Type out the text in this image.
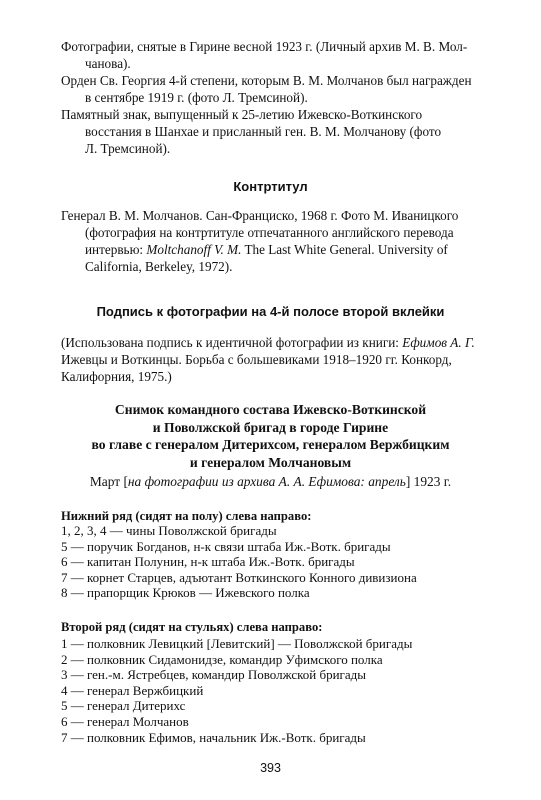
Фотографии, снятые в Гирине весной 1923 г. (Личный архив М. В. Мол-
чанова).
Орден Св. Георгия 4-й степени, которым В. М. Молчанов был награжден
в сентябре 1919 г. (фото Л. Тремсиной).
Памятный знак, выпущенный к 25-летию Ижевско-Воткинского
восстания в Шанхае и присланный ген. В. М. Молчанову (фото
Л. Тремсиной).
Контртитул
Генерал В. М. Молчанов. Сан-Франциско, 1968 г. Фото М. Ивaницкого
(фотография на контртитуле отпечатанного английского перевода
интервью: Moltchanoff V. M. The Last White General. University of
California, Berkeley, 1972).
Подпись к фотографии на 4-й полосе второй вклейки
(Использована подпись к идентичной фотографии из книги: Ефимов А. Г.
Ижевцы и Воткинцы. Борьба с большевиками 1918–1920 гг. Конкорд,
Калифорния, 1975.)
Снимок командного состава Ижевско-Воткинской
и Поволжской бригад в городе Гирине
во главе с генералом Дитерихсом, генералом Вержбицким
и генералом Молчановым
Март [на фотографии из архива А. А. Ефимова: апрель] 1923 г.
Нижний ряд (сидят на полу) слева направо:
1, 2, 3, 4 — чины Поволжской бригады
5 — поручик Богданов, н-к связи штаба Иж.-Вотк. бригады
6 — капитан Полунин, н-к штаба Иж.-Вотк. бригады
7 — корнет Старцев, адъютант Воткинского Конного дивизиона
8 — прапорщик Крюков — Ижевского полка
Второй ряд (сидят на стульях) слева направо:
1 — полковник Левицкий [Левитский] — Поволжской бригады
2 — полковник Сидамонидзе, командир Уфимского полка
3 — ген.-м. Ястребцев, командир Поволжской бригады
4 — генерал Вержбицкий
5 — генерал Дитерихс
6 — генерал Молчанов
7 — полковник Ефимов, начальник Иж.-Вотк. бригады
393
